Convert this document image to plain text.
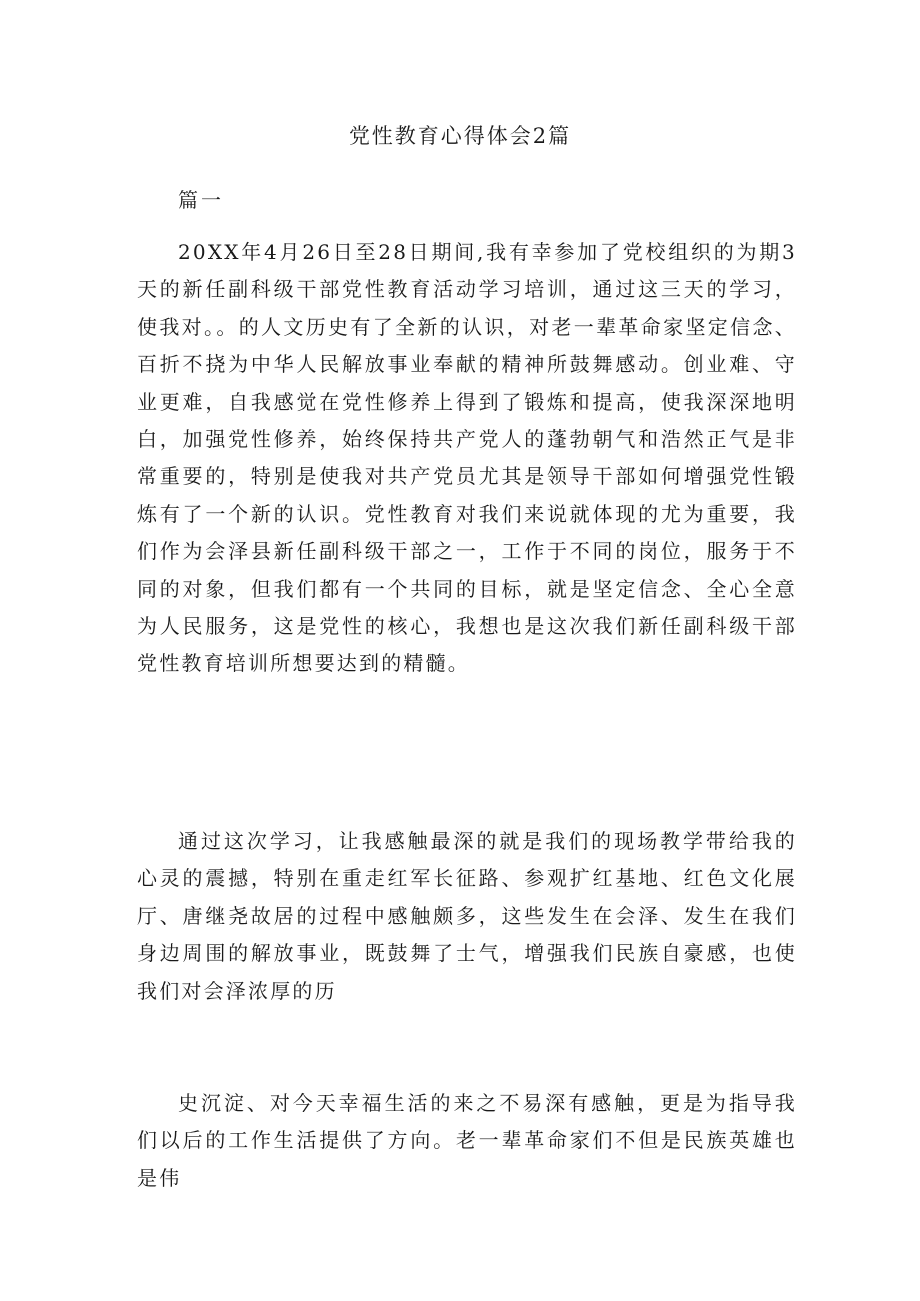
党性教育心得体会2篇
篇一

20XX年4月26日至28日期间,我有幸参加了党校组织的为期3天的新任副科级干部党性教育活动学习培训，通过这三天的学习，使我对。。的人文历史有了全新的认识，对老一辈革命家坚定信念、百折不挠为中华人民解放事业奉献的精神所鼓舞感动。创业难、守业更难，自我感觉在党性修养上得到了锻炼和提高，使我深深地明白，加强党性修养，始终保持共产党人的蓬勃朝气和浩然正气是非常重要的，特别是使我对共产党员尤其是领导干部如何增强党性锻炼有了一个新的认识。党性教育对我们来说就体现的尤为重要，我们作为会泽县新任副科级干部之一，工作于不同的岗位，服务于不同的对象，但我们都有一个共同的目标，就是坚定信念、全心全意为人民服务，这是党性的核心，我想也是这次我们新任副科级干部党性教育培训所想要达到的精髓。

通过这次学习，让我感触最深的就是我们的现场教学带给我的心灵的震撼，特别在重走红军长征路、参观扩红基地、红色文化展厅、唐继尧故居的过程中感触颇多，这些发生在会泽、发生在我们身边周围的解放事业，既鼓舞了士气，增强我们民族自豪感，也使我们对会泽浓厚的历

史沉淀、对今天幸福生活的来之不易深有感触，更是为指导我们以后的工作生活提供了方向。老一辈革命家们不但是民族英雄也是伟
